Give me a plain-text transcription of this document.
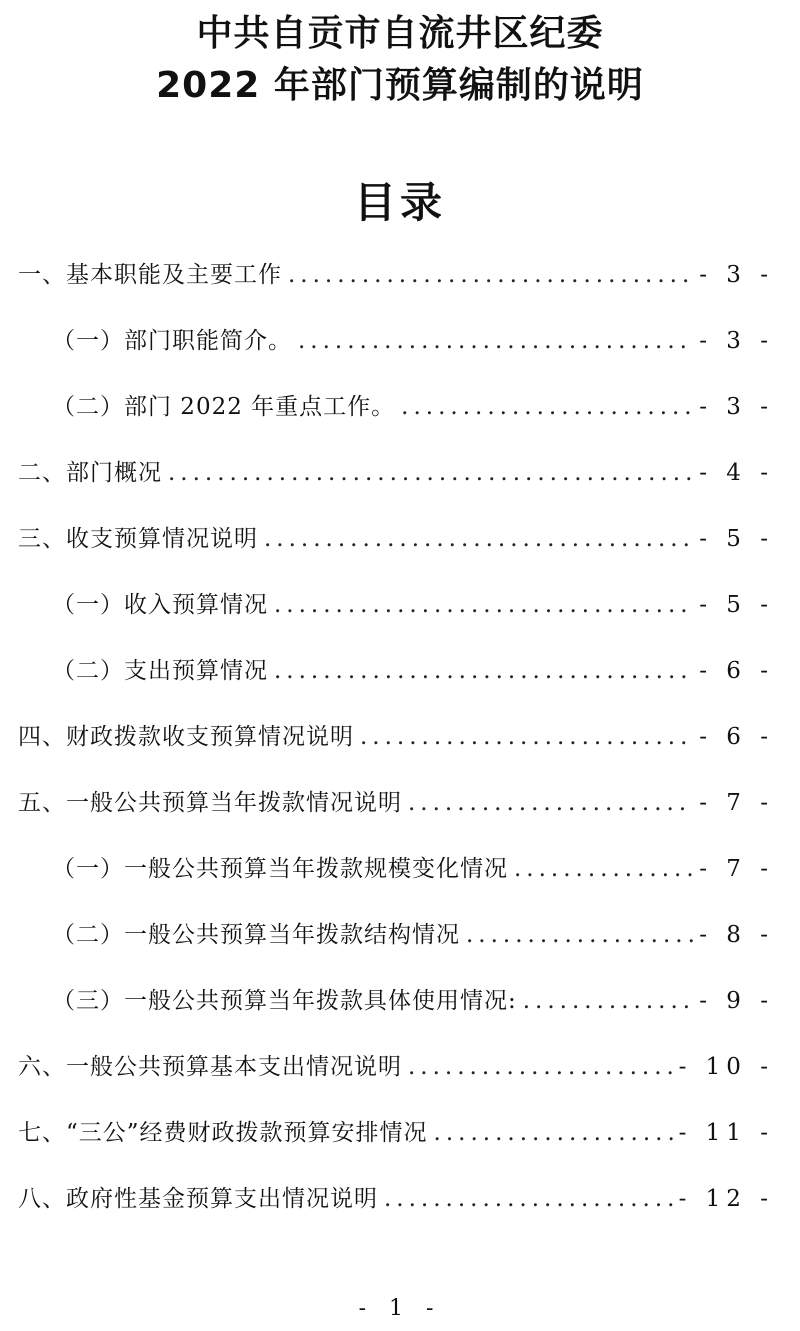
中共自贡市自流井区纪委
2022 年部门预算编制的说明
目录
一、基本职能及主要工作 .....	- 3 -
（一）部门职能简介。 .....	- 3 -
（二）部门 2022 年重点工作。 .....	- 3 -
二、部门概况 .....	- 4 -
三、收支预算情况说明 .....	- 5 -
（一）收入预算情况 .....	- 5 -
（二）支出预算情况 .....	- 6 -
四、财政拨款收支预算情况说明 .....	- 6 -
五、一般公共预算当年拨款情况说明 .....	- 7 -
（一）一般公共预算当年拨款规模变化情况 .....	- 7 -
（二）一般公共预算当年拨款结构情况 .....	- 8 -
（三）一般公共预算当年拨款具体使用情况: .....	- 9 -
六、一般公共预算基本支出情况说明 .....	- 10 -
七、“三公”经费财政拨款预算安排情况 .....	- 11 -
八、政府性基金预算支出情况说明 .....	- 12 -
- 1 -
